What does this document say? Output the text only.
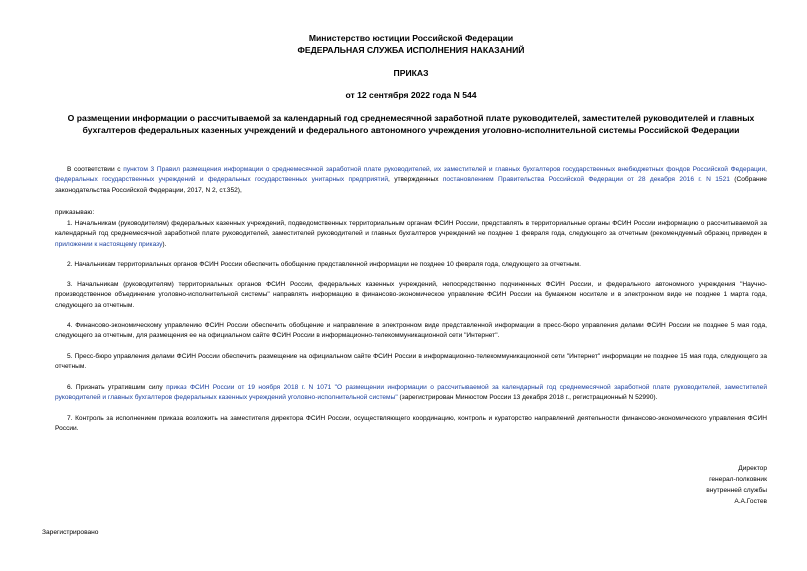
Министерство юстиции Российской Федерации
ФЕДЕРАЛЬНАЯ СЛУЖБА ИСПОЛНЕНИЯ НАКАЗАНИЙ
ПРИКАЗ
от 12 сентября 2022 года N 544
О размещении информации о рассчитываемой за календарный год среднемесячной заработной плате руководителей, заместителей руководителей и главных бухгалтеров федеральных казенных учреждений и федерального автономного учреждения уголовно-исполнительной системы Российской Федерации

В соответствии с пунктом 3 Правил размещения информации о среднемесячной заработной плате руководителей, их заместителей и главных бухгалтеров государственных внебюджетных фондов Российской Федерации, федеральных государственных учреждений и федеральных государственных унитарных предприятий, утвержденных постановлением Правительства Российской Федерации от 28 декабря 2016 г. N 1521 (Собрание законодательства Российской Федерации, 2017, N 2, ст.352),

приказываю:

1. Начальникам (руководителям) федеральных казенных учреждений, подведомственных территориальным органам ФСИН России, представлять в территориальные органы ФСИН России информацию о рассчитываемой за календарный год среднемесячной заработной плате руководителей, заместителей руководителей и главных бухгалтеров учреждений не позднее 1 февраля года, следующего за отчетным (рекомендуемый образец приведен в приложении к настоящему приказу).

2. Начальникам территориальных органов ФСИН России обеспечить обобщение представленной информации не позднее 10 февраля года, следующего за отчетным.

3. Начальникам (руководителям) территориальных органов ФСИН России, федеральных казенных учреждений, непосредственно подчиненных ФСИН России, и федерального автономного учреждения "Научно-производственное объединение уголовно-исполнительной системы" направлять информацию в финансово-экономическое управление ФСИН России на бумажном носителе и в электронном виде не позднее 1 марта года, следующего за отчетным.

4. Финансово-экономическому управлению ФСИН России обеспечить обобщение и направление в электронном виде представленной информации в пресс-бюро управления делами ФСИН России не позднее 5 мая года, следующего за отчетным, для размещения ее на официальном сайте ФСИН России в информационно-телекоммуникационной сети "Интернет".

5. Пресс-бюро управления делами ФСИН России обеспечить размещение на официальном сайте ФСИН России в информационно-телекоммуникационной сети "Интернет" информации не позднее 15 мая года, следующего за отчетным.

6. Признать утратившим силу приказ ФСИН России от 19 ноября 2018 г. N 1071 "О размещении информации о рассчитываемой за календарный год среднемесячной заработной плате руководителей, заместителей руководителей и главных бухгалтеров федеральных казенных учреждений уголовно-исполнительной системы" (зарегистрирован Минюстом России 13 декабря 2018 г., регистрационный N 52990).

7. Контроль за исполнением приказа возложить на заместителя директора ФСИН России, осуществляющего координацию, контроль и кураторство направлений деятельности финансово-экономического управления ФСИН России.

Директор
генерал-полковник
внутренней службы
А.А.Гостев
Зарегистрировано
